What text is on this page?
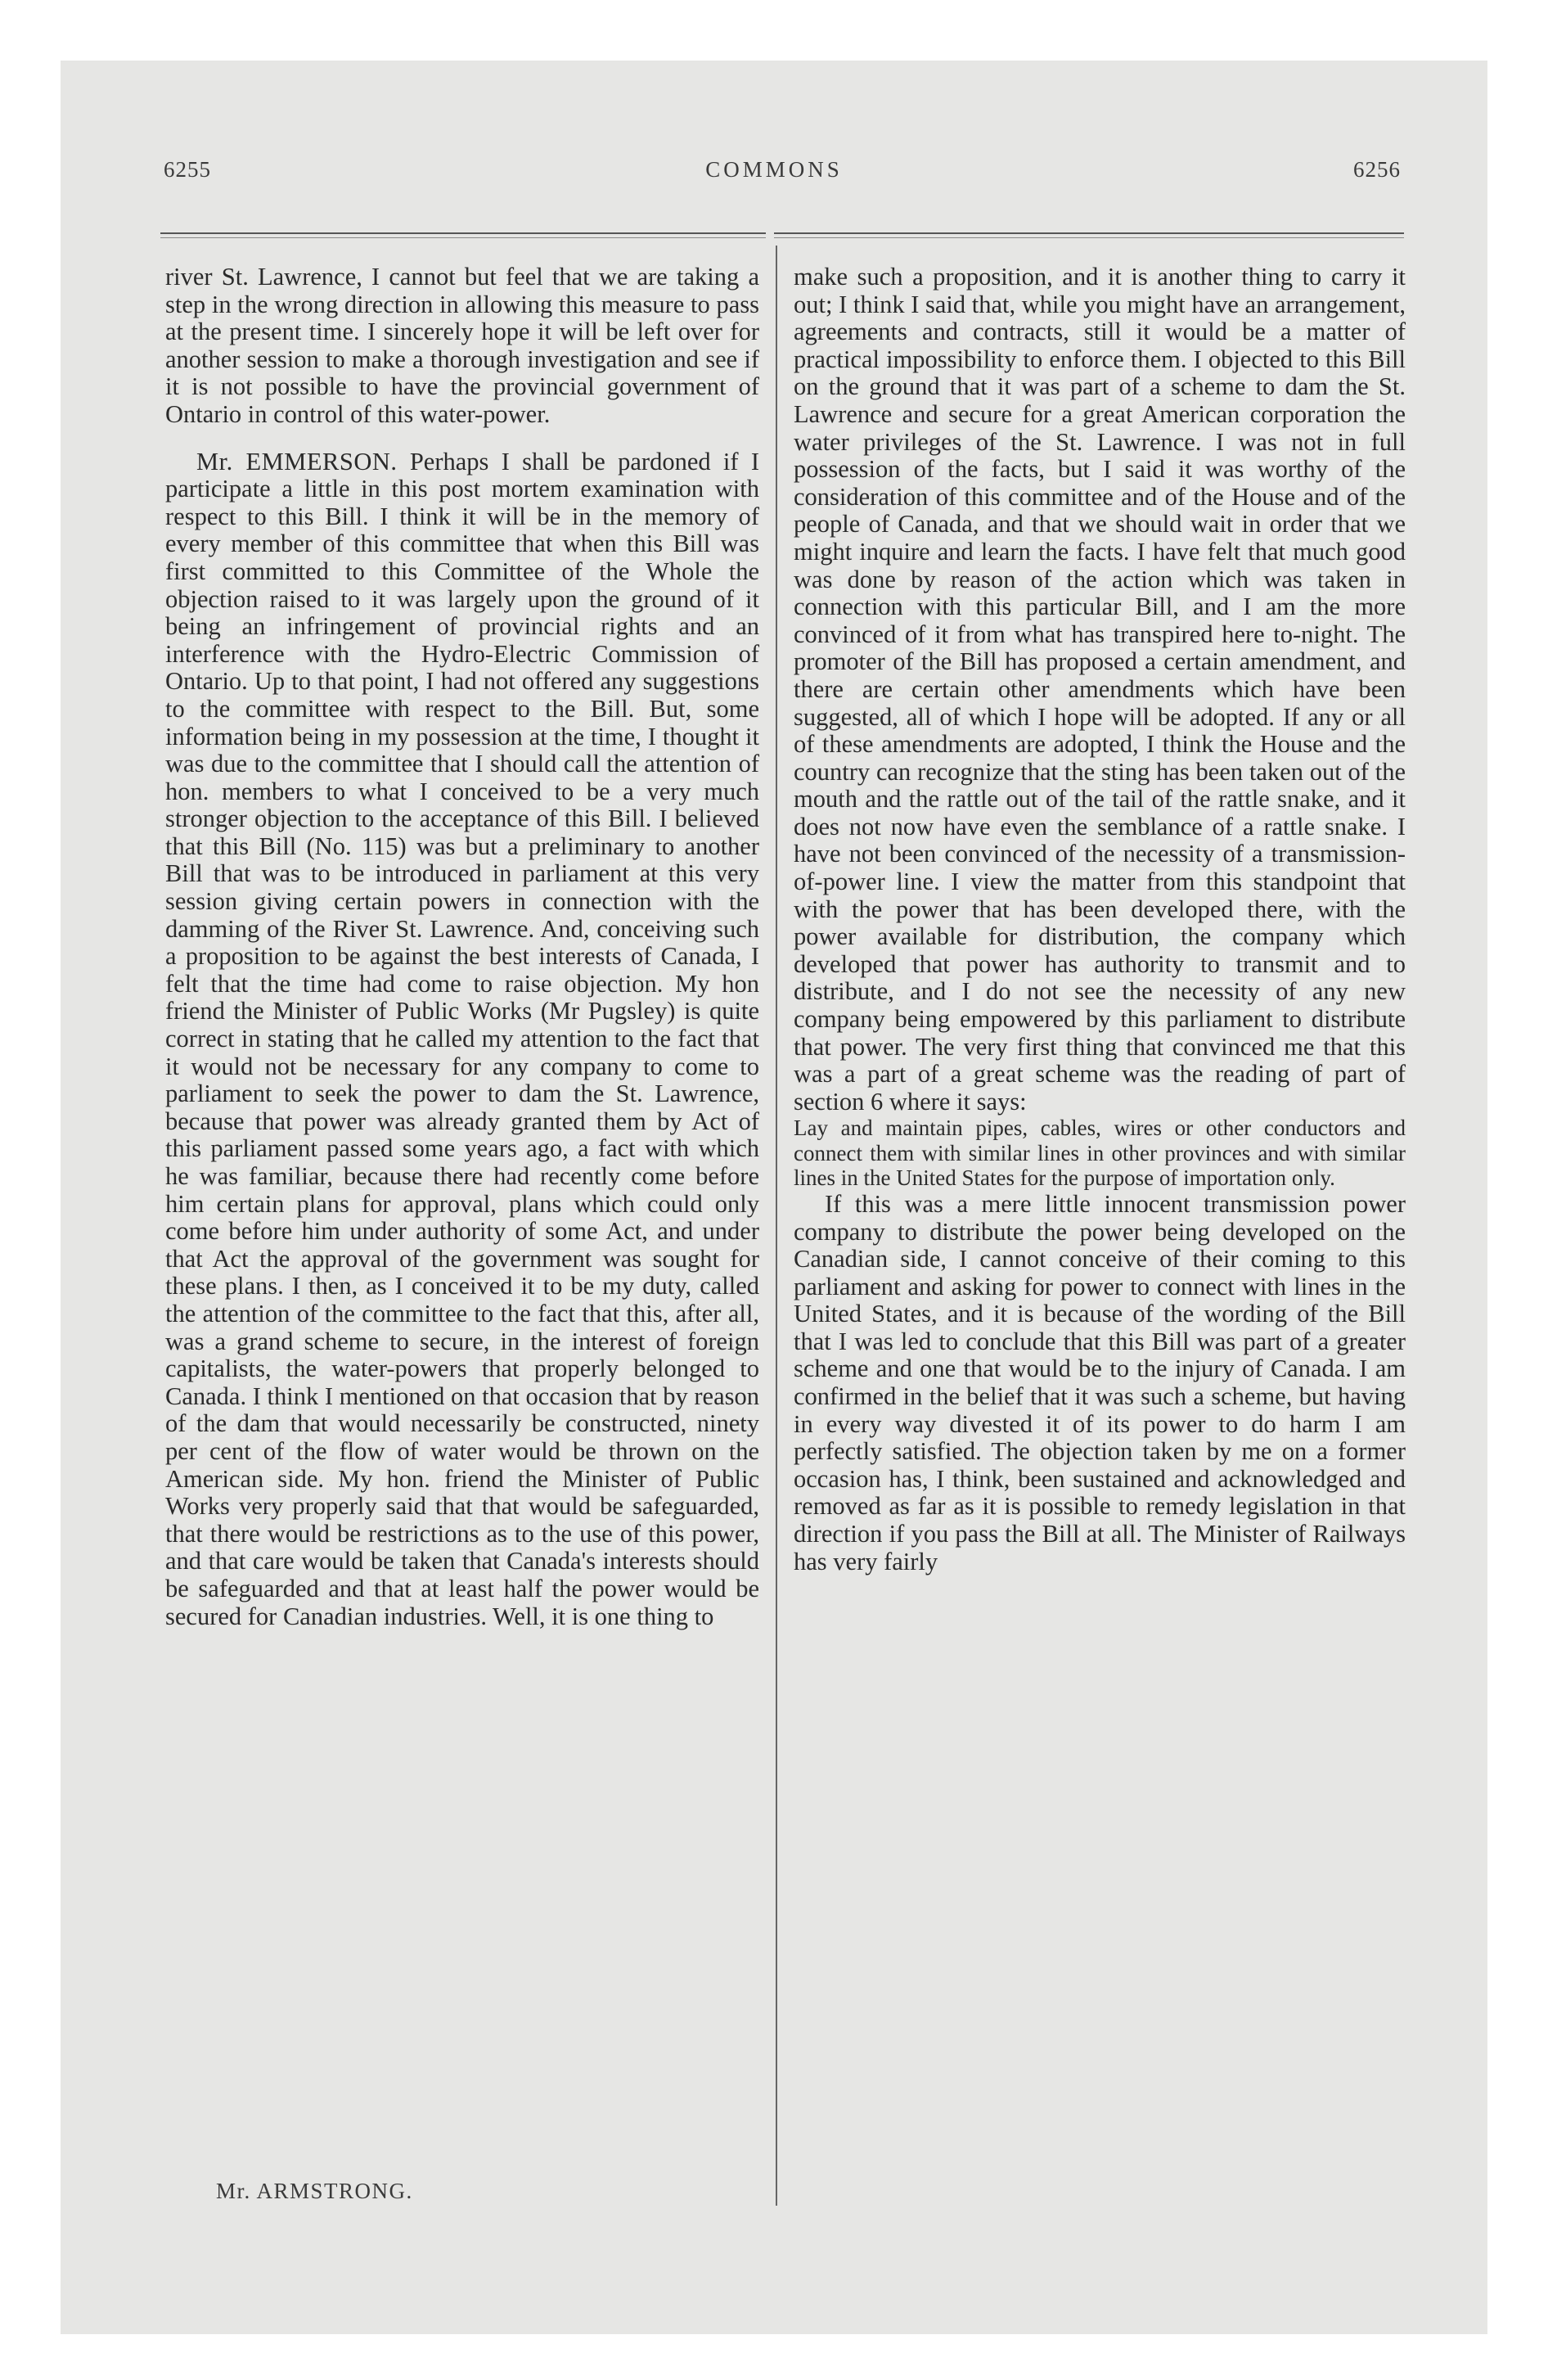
6255	COMMONS	6256

river St. Lawrence, I cannot but feel that we are taking a step in the wrong direction in allowing this measure to pass at the present time. I sincerely hope it will be left over for another session to make a thorough investigation and see if it is not possible to have the provincial government of Ontario in control of this water-power.

Mr. EMMERSON. Perhaps I shall be pardoned if I participate a little in this post mortem examination with respect to this Bill. I think it will be in the memory of every member of this committee that when this Bill was first committed to this Committee of the Whole the objection raised to it was largely upon the ground of it being an infringement of provincial rights and an interference with the Hydro-Electric Commission of Ontario. Up to that point, I had not offered any suggestions to the committee with respect to the Bill. But, some information being in my possession at the time, I thought it was due to the committee that I should call the attention of hon. members to what I conceived to be a very much stronger objection to the acceptance of this Bill. I believed that this Bill (No. 115) was but a preliminary to another Bill that was to be introduced in parliament at this very session giving certain powers in connection with the damming of the River St. Lawrence. And, conceiving such a proposition to be against the best interests of Canada, I felt that the time had come to raise objection. My hon friend the Minister of Public Works (Mr Pugsley) is quite correct in stating that he called my attention to the fact that it would not be necessary for any company to come to parliament to seek the power to dam the St. Lawrence, because that power was already granted them by Act of this parliament passed some years ago, a fact with which he was familiar, because there had recently come before him certain plans for approval, plans which could only come before him under authority of some Act, and under that Act the approval of the government was sought for these plans. I then, as I conceived it to be my duty, called the attention of the committee to the fact that this, after all, was a grand scheme to secure, in the interest of foreign capitalists, the water-powers that properly belonged to Canada. I think I mentioned on that occasion that by reason of the dam that would necessarily be constructed, ninety per cent of the flow of water would be thrown on the American side. My hon. friend the Minister of Public Works very properly said that that would be safeguarded, that there would be restrictions as to the use of this power, and that care would be taken that Canada's interests should be safeguarded and that at least half the power would be secured for Canadian industries. Well, it is one thing to

make such a proposition, and it is another thing to carry it out; I think I said that, while you might have an arrangement, agreements and contracts, still it would be a matter of practical impossibility to enforce them. I objected to this Bill on the ground that it was part of a scheme to dam the St. Lawrence and secure for a great American corporation the water privileges of the St. Lawrence. I was not in full possession of the facts, but I said it was worthy of the consideration of this committee and of the House and of the people of Canada, and that we should wait in order that we might inquire and learn the facts. I have felt that much good was done by reason of the action which was taken in connection with this particular Bill, and I am the more convinced of it from what has transpired here to-night. The promoter of the Bill has proposed a certain amendment, and there are certain other amendments which have been suggested, all of which I hope will be adopted. If any or all of these amendments are adopted, I think the House and the country can recognize that the sting has been taken out of the mouth and the rattle out of the tail of the rattle snake, and it does not now have even the semblance of a rattle snake. I have not been convinced of the necessity of a transmission-of-power line. I view the matter from this standpoint that with the power that has been developed there, with the power available for distribution, the company which developed that power has authority to transmit and to distribute, and I do not see the necessity of any new company being empowered by this parliament to distribute that power. The very first thing that convinced me that this was a part of a great scheme was the reading of part of section 6 where it says:

Lay and maintain pipes, cables, wires or other conductors and connect them with similar lines in other provinces and with similar lines in the United States for the purpose of importation only.

If this was a mere little innocent transmission power company to distribute the power being developed on the Canadian side, I cannot conceive of their coming to this parliament and asking for power to connect with lines in the United States, and it is because of the wording of the Bill that I was led to conclude that this Bill was part of a greater scheme and one that would be to the injury of Canada. I am confirmed in the belief that it was such a scheme, but having in every way divested it of its power to do harm I am perfectly satisfied. The objection taken by me on a former occasion has, I think, been sustained and acknowledged and removed as far as it is possible to remedy legislation in that direction if you pass the Bill at all. The Minister of Railways has very fairly

Mr. ARMSTRONG.
